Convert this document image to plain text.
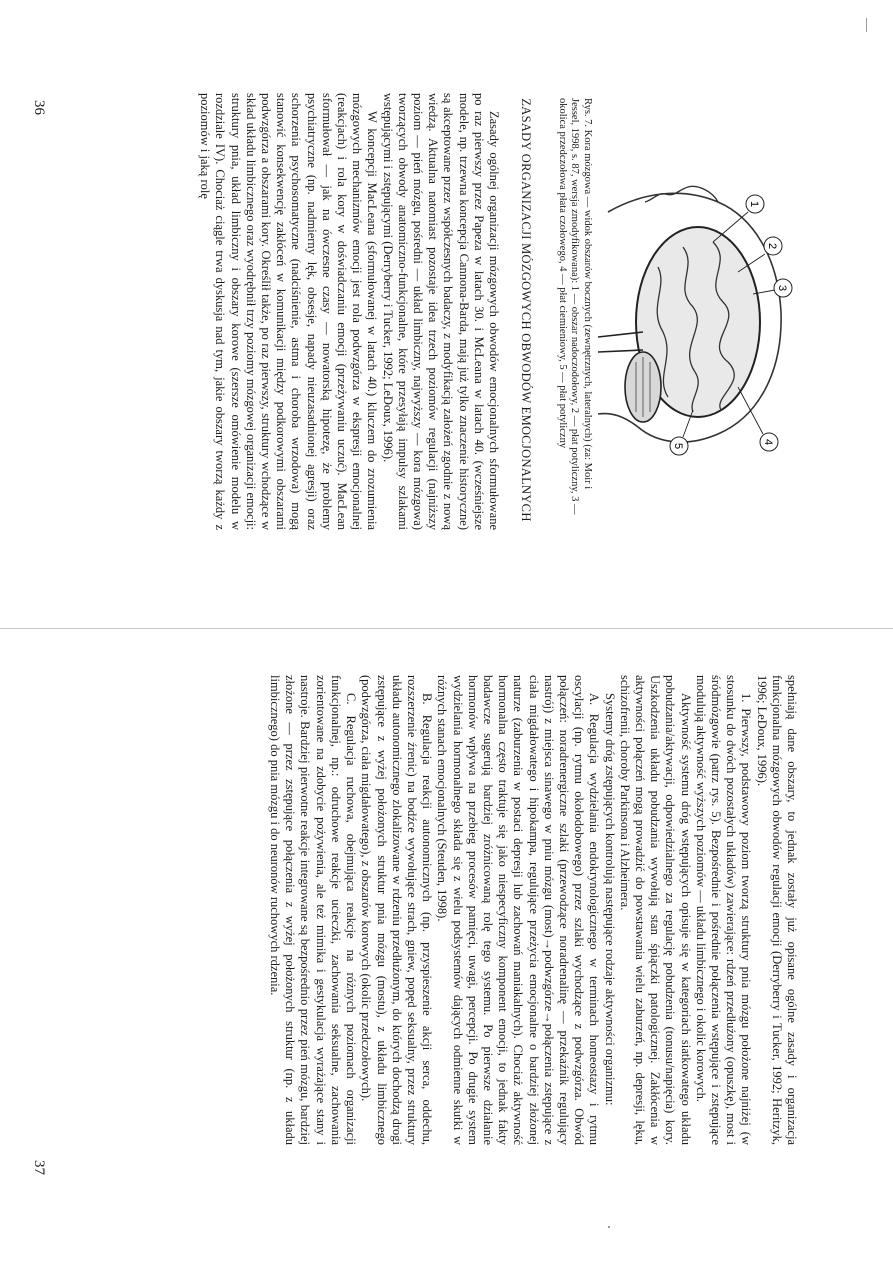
1
2
3
4
5
Rys. 7. Kora mózgowa — widok obszarów bocznych (zewnętrznych, lateralnych) (za: Moir i Jessel, 1998, s. 87, wersja zmodyfikowana): 1 — obszar nadoczodołowy, 2 — płat potyliczny, 3 — okolica przedczołowa płata czołowego, 4 — płat ciemieniowy, 5 — płat potyliczny
ZASADY ORGANIZACJI MÓZGOWYCH OBWODÓW EMOCJONALNYCH

Zasady ogólnej organizacji mózgowych obwodów emocjonalnych sformułowane po raz pierwszy przez Papeza w latach 30. i McLeana w latach 40. (wcześniejsze modele, np. trzewna koncepcja Cannona-Barda, mają już tylko znaczenie historyczne) są akceptowane przez współczesnych badaczy, z modyfikacją założeń zgodnie z nową wiedzą. Aktualna natomiast pozostaje idea trzech poziomów regulacji (najniższy poziom — pień mózgu, pośredni — układ limbiczny, najwyższy — kora mózgowa) tworzących obwody anatomiczno-funkcjonalne, które przesyłają impulsy szlakami wstępującymi i zstępującymi (Derryberry i Tucker, 1992; LeDoux, 1996).

W koncepcji MacLeana (sformułowanej w latach 40.) kluczem do zrozumienia mózgowych mechanizmów emocji jest rola podwzgórza w ekspresji emocjonalnej (reakcjach) i rola kory w doświadczaniu emocji (przeżywaniu uczuć). MacLean sformułował — jak na ówczesne czasy — nowatorską hipotezę, że problemy psychiatryczne (np. nadmierny lęk, obsesje, napady nieuzasadnionej agresji) oraz schorzenia psychosomatyczne (nadciśnienie, astma i choroba wrzodowa) mogą stanowić konsekwencję zakłóceń w komunikacji między podkorowymi obszarami podwzgórza a obszarami kory. Określił także, po raz pierwszy, struktury wchodzące w skład układu limbicznego oraz wyodrębnił trzy poziomy mózgowej organizacji emocji: struktury pnia, układ limbiczny i obszary korowe (szersze omówienie modelu w rozdziale IV). Chociaż ciągle trwa dyskusja nad tym, jakie obszary tworzą każdy z poziomów i jaką rolę

36

spełniają dane obszary, to jednak zostały już opisane ogólne zasady i organizacja funkcjonalna mózgowych obwodów regulacji emocji (Derryberry i Tucker, 1992; Heritzyk, 1996; LeDoux, 1996).

1. Pierwszy, podstawowy poziom tworzą struktury pnia mózgu położone najniżej (w stosunku do dwóch pozostałych układów) zawierające: rdzeń przedłużony (opuszkę), most i śródmózgowie (patrz rys. 5). Bezpośrednie i pośrednie połączenia wstępujące i zstępujące modulują aktywność wyższych poziomów — układu limbicznego i okolic korowych.

Aktywność systemu dróg wstępujących opisuje się w kategoriach siatkowatego układu pobudzania/aktywacji, odpowiedzialnego za regulację pobudzenia (tonusu/napięcia) kory. Uszkodzenia układu pobudzania wywołują stan śpiączki patologicznej. Zakłócenia w aktywności połączeń mogą prowadzić do powstawania wielu zaburzeń, np. depresji, lęku, schizofrenii, choroby Parkinsona i Alzheimera.

Systemy dróg zstępujących kontrolują następujące rodzaje aktywności organizmu:

A. Regulacja wydzielania endokrynologicznego w terminach homeostazy i rytmu oscylacji (np. rytmu okołodobowego) przez szlaki wychodzące z podwzgórza. Obwód połączeń: noradrenergiczne szlaki (przewodzące noradrenalinę — przekaźnik regulujący nastrój) z miejsca sinawego w pniu mózgu (most)→podwzgórze→połączenia zstępujące z ciała migdałowatego i hipokampa, regulujące przeżycia emocjonalne o bardziej złożonej naturze (zaburzenia w postaci depresji lub zachowań maniakalnych). Chociaż aktywność hormonalna często traktuje się jako niespecyficzny komponent emocji, to jednak fakty badawcze sugerują bardziej zróżnicowaną rolę tego systemu. Po pierwsze działanie hormonów wpływa na przebieg procesów pamięci, uwagi, percepcji. Po drugie system wydzielania hormonalnego składa się z wielu podsystemów dających odmienne skutki w różnych stanach emocjonalnych (Steuden, 1998).

B. Regulacja reakcji autonomicznych (np. przyspieszenie akcji serca, oddechu, rozszerzenie źrenic) na bodźce wywołujące strach, gniew, popęd seksualny, przez struktury układu autonomicznego zlokalizowane w rdzeniu przedłużonym, do których dochodzą drogi zstępujące z wyżej położonych struktur pnia mózgu (mostu), z układu limbicznego (podwzgórza, ciała migdałowatego), z obszarów korowych (okolic przedczołowych).

C. Regulacja ruchowa, obejmująca reakcje na różnych poziomach organizacji funkcjonalnej, np.: odruchowe reakcje ucieczki, zachowania seksualne, zachowania zorientowane na zdobycie pożywienia, ale też mimika i gestykulacja wyrażające stany i nastroje. Bardziej pierwotne reakcje integrowane są bezpośrednio przez pień mózgu, bardziej złożone — przez zstępujące połączenia z wyżej położonych struktur (np. z układu limbicznego) do pnia mózgu i do neuronów ruchowych rdzenia.

37
